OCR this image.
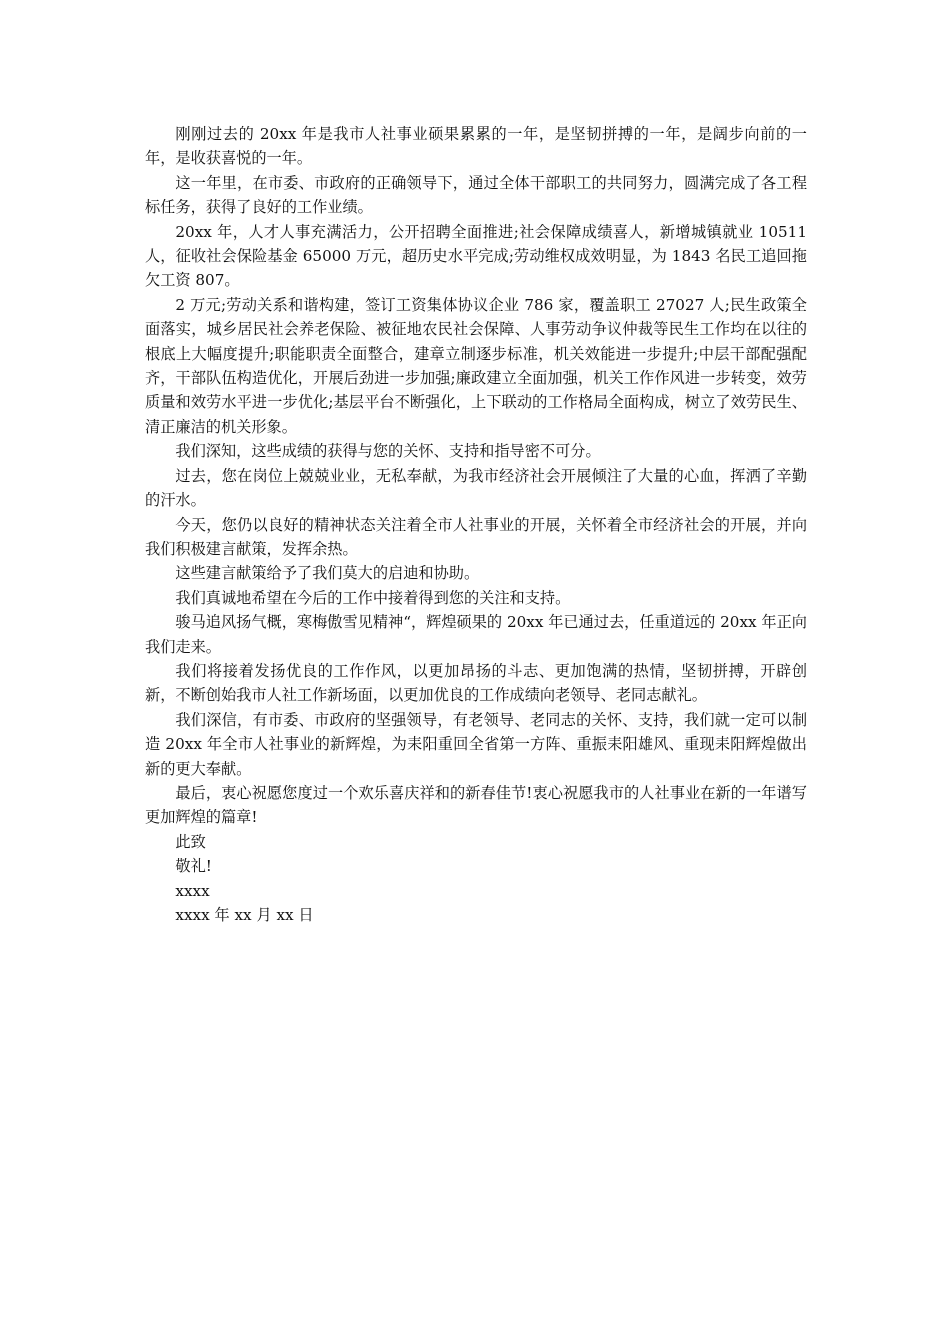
刚刚过去的 20xx 年是我市人社事业硕果累累的一年，是坚韧拼搏的一年，是阔步向前的一年，是收获喜悦的一年。

这一年里，在市委、市政府的正确领导下，通过全体干部职工的共同努力，圆满完成了各工程标任务，获得了良好的工作业绩。

20xx 年，人才人事充满活力，公开招聘全面推进;社会保障成绩喜人，新增城镇就业 10511 人，征收社会保险基金 65000 万元，超历史水平完成;劳动维权成效明显，为 1843 名民工追回拖欠工资 807。

2 万元;劳动关系和谐构建，签订工资集体协议企业 786 家，覆盖职工 27027 人;民生政策全面落实，城乡居民社会养老保险、被征地农民社会保障、人事劳动争议仲裁等民生工作均在以往的根底上大幅度提升;职能职责全面整合，建章立制逐步标准，机关效能进一步提升;中层干部配强配齐，干部队伍构造优化，开展后劲进一步加强;廉政建立全面加强，机关工作作风进一步转变，效劳质量和效劳水平进一步优化;基层平台不断强化，上下联动的工作格局全面构成，树立了效劳民生、清正廉洁的机关形象。

我们深知，这些成绩的获得与您的关怀、支持和指导密不可分。

过去，您在岗位上兢兢业业，无私奉献，为我市经济社会开展倾注了大量的心血，挥洒了辛勤的汗水。

今天，您仍以良好的精神状态关注着全市人社事业的开展，关怀着全市经济社会的开展，并向我们积极建言献策，发挥余热。

这些建言献策给予了我们莫大的启迪和协助。

我们真诚地希望在今后的工作中接着得到您的关注和支持。

骏马追风扬气概，寒梅傲雪见精神“，辉煌硕果的 20xx 年已通过去，任重道远的 20xx 年正向我们走来。

我们将接着发扬优良的工作作风，以更加昂扬的斗志、更加饱满的热情，坚韧拼搏，开辟创新，不断创始我市人社工作新场面，以更加优良的工作成绩向老领导、老同志献礼。

我们深信，有市委、市政府的坚强领导，有老领导、老同志的关怀、支持，我们就一定可以制造 20xx 年全市人社事业的新辉煌，为耒阳重回全省第一方阵、重振耒阳雄风、重现耒阳辉煌做出新的更大奉献。

最后，衷心祝愿您度过一个欢乐喜庆祥和的新春佳节!衷心祝愿我市的人社事业在新的一年谱写更加辉煌的篇章!

此致

敬礼!

xxxx

xxxx 年 xx 月 xx 日
